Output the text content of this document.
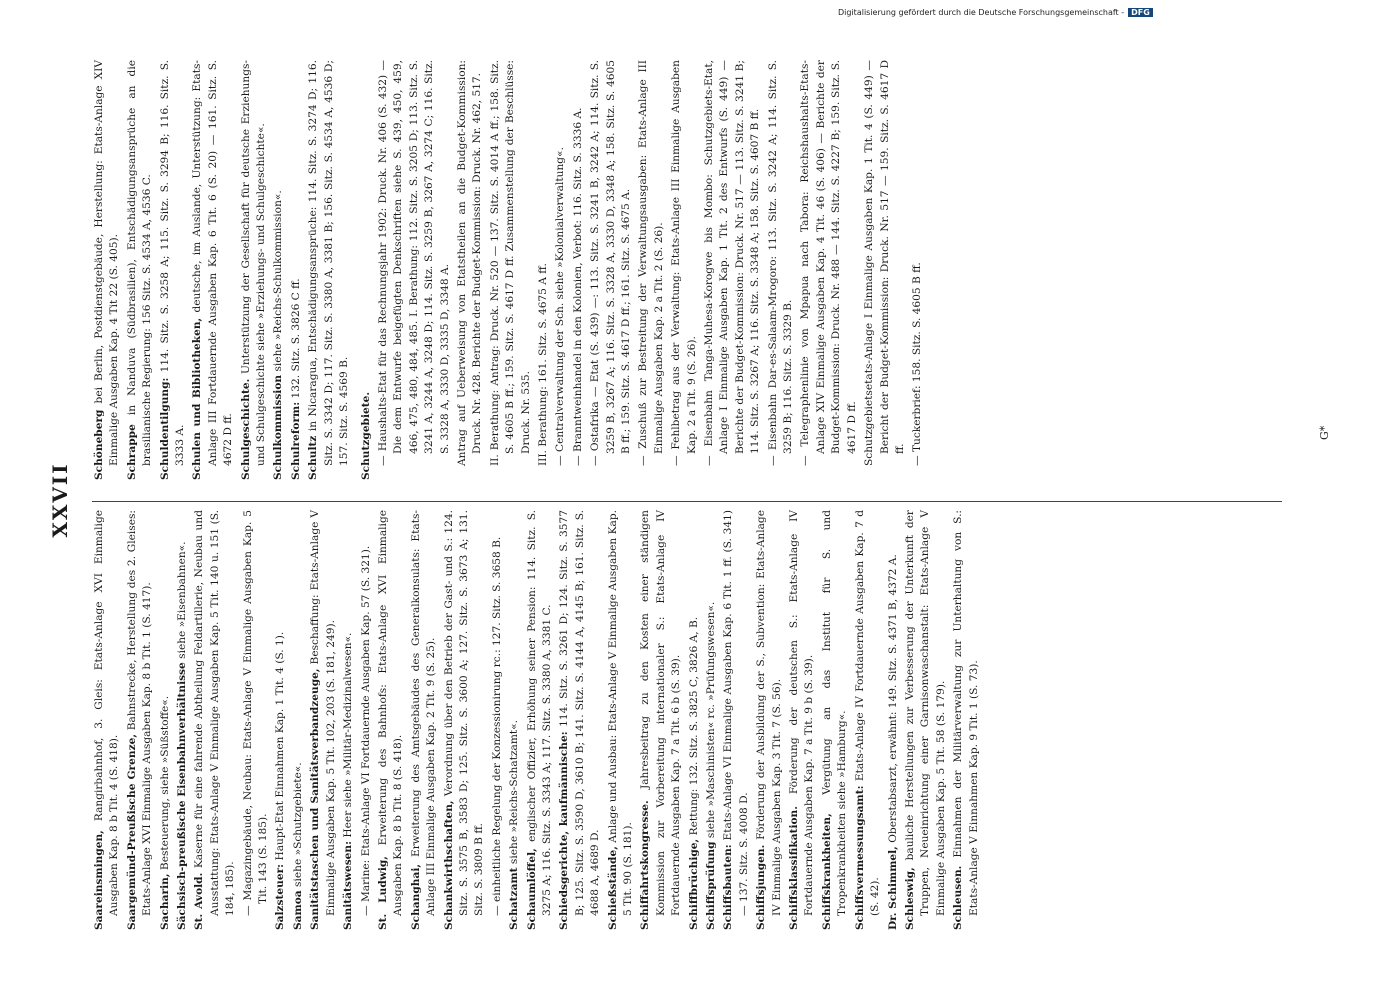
Digitalisierung gefördert durch die Deutsche Forschungsgemeinschaft - DFG
XXVII
Saareinsmingen, Rangirbahnhof, 3. Gleis: Etats-Anlage XVI Einmalige Ausgaben Kap. 8 b Tit. 4 (S. 418). Saargemünd-Preußische Grenze, Bahnstrecke, Herstellung des 2. Gleises: Etats-Anlage XVI Einmalige Ausgaben Kap. 8 b Tit. 1 (S. 417). Sacharin, Besteuerung, siehe »Süßstoffe«. Sächsisch-preußische Eisenbahnverhältnisse siehe »Eisenbahnen«.
St. Avold. Kaserne für eine fahrende Abtheilung Feldartillerie, Neubau und Ausstattung: Etats-Anlage V Einmalige Ausgaben Kap. 5 Tit. 140 u. 151 (S. 184, 185). — Magazingebäude, Neubau: Etats-Anlage V Einmalige Ausgaben Kap. 5 Tit. 143 (S. 185). Salzsteuer: Haupt-Etat Einnahmen Kap. 1 Tit. 4 (S. 1).
Samoa siehe »Schutzgebiete«. Sanitätstaschen und Sanitätsverbandzeuge, Beschaffung: Etats-Anlage V Einmalige Ausgaben Kap. 5 Tit. 102, 203 (S. 181, 249). Sanitätswesen: Heer siehe »Militär-Medizinalwesen«. — Marine: Etats-Anlage VI Fortdauernde Ausgaben Kap. 57 (S. 321). St. Ludwig, Erweiterung des Bahnhofs: Etats-Anlage XVI Einmalige Ausgaben Kap. 8 b Tit. 8 (S. 418). Schanghai, Erweiterung des Amtsgebäudes des Generalkonsulats: Etats-Anlage III Einmalige Ausgaben Kap. 2 Tit. 9 (S. 25). Schankwirthschaften, Verordnung über den Betrieb der Gast- und S.: 124. Sitz. S. 3575 B, 3583 D; 125. Sitz. S. 3600 A; 127. Sitz. S. 3673 A; 131. Sitz. S. 3809 B ff. — einheitliche Regelung der Konzessionirung rc.: 127. Sitz. S. 3658 B. Schatzamt siehe »Reichs-Schatzamt«.
Schaumlöffel, englischer Offizier, Erhöhung seiner Pension: 114. Sitz. S. 3275 A; 116. Sitz. S. 3343 A; 117. Sitz. S. 3380 A, 3381 C. Schiedsgerichte, kaufmännische: 114. Sitz. S. 3261 D; 124. Sitz. S. 3577 B; 125. Sitz. S. 3590 D, 3610 B; 141. Sitz. S. 4144 A, 4145 B; 161. Sitz. S. 4688 A, 4689 D. Schießstände, Anlage und Ausbau: Etats-Anlage V Einmalige Ausgaben Kap. 5 Tit. 90 (S. 181). Schiffahrtskongresse. Jahresbeitrag zu den Kosten einer ständigen Kommission zur Vorbereitung internationaler S.: Etats-Anlage IV Fortdauernde Ausgaben Kap. 7 a Tit. 6 b (S. 39). Schiffbrüchige, Rettung: 132. Sitz. S. 3825 C, 3826 A, B.
Schiffsprüfung siehe »Maschinisten« rc. »Prüfungswesen«.
Schiffsbauten: Etats-Anlage VI Einmalige Ausgaben Kap. 6 Tit. 1 ff. (S. 341) — 137. Sitz. S. 4008 D. Schiffsjungen. Förderung der Ausbildung der S., Subvention: Etats-Anlage IV Einmalige Ausgaben Kap. 3 Tit. 7 (S. 56). Schiffsklassifikation. Förderung der deutschen S.: Etats-Anlage IV Fortdauernde Ausgaben Kap. 7 a Tit. 9 b (S. 39). Schiffskrankheiten, Vergütung an das Institut für S. und Tropenkrankheiten siehe »Hamburg«. Schiffsvermessungsamt: Etats-Anlage IV Fortdauernde Ausgaben Kap. 7 d (S. 42). Dr. Schimmel, Oberstabsarzt, erwähnt: 149. Sitz. S. 4371 B, 4372 A.
Schleswig, bauliche Herstellungen zur Verbesserung der Unterkunft der Truppen, Neueinrichtung einer Garnisonwaschanstalt: Etats-Anlage V Einmalige Ausgaben Kap. 5 Tit. 58 (S. 179). Schleusen. Einnahmen der Militärverwaltung zur Unterhaltung von S.: Etats-Anlage V Einnahmen Kap. 9 Tit. 1 (S. 73).
Schöneberg bei Berlin, Postdienstgebäude, Herstellung: Etats-Anlage XIV Einmalige Ausgaben Kap. 4 Tit 22 (S. 405). Schrappe in Nanduva (Südbrasilien), Entschädigungsansprüche an die brasilianische Regierung: 156 Sitz. S. 4534 A, 4536 C. Schuldentilgung: 114. Sitz. S. 3258 A; 115. Sitz. S. 3294 B; 116. Sitz. S. 3333 A. Schulen und Bibliotheken, deutsche, im Auslande, Unterstützung: Etats-Anlage III Fortdauernde Ausgaben Kap. 6 Tit. 6 (S. 20) — 161. Sitz. S. 4672 D ff. Schulgeschichte. Unterstützung der Gesellschaft für deutsche Erziehungs- und Schulgeschichte siehe »Erziehungs- und Schulgeschichte«. Schulkommission siehe »Reichs-Schulkommission«.
Schulreform: 132. Sitz. S. 3826 C ff.
Schultz in Nicaragua, Entschädigungsansprüche: 114. Sitz. S. 3274 D; 116. Sitz. S. 3342 D; 117. Sitz. S. 3380 A, 3381 B; 156. Sitz. S. 4534 A, 4536 D; 157. Sitz. S. 4569 B. Schutzgebiete. — Haushalts-Etat für das Rechnungsjahr 1902: Druck. Nr. 406 (S. 432) — Die dem Entwurfe beigefügten Denkschriften siehe S. 439, 450, 459, 466, 475, 480, 484, 485. I. Berathung: 112. Sitz. S. 3205 D; 113. Sitz. S. 3241 A, 3244 A, 3248 D; 114. Sitz. S. 3259 B, 3267 A, 3274 C; 116. Sitz. S. 3328 A, 3330 D, 3335 D, 3348 A. Antrag auf Ueberweisung von Etatstheilen an die Budget-Kommission: Druck. Nr. 428. Berichte der Budget-Kommission: Druck. Nr. 462, 517. II. Berathung: Antrag: Druck. Nr. 520 — 137. Sitz. S. 4014 A ff.; 158. Sitz. S. 4605 B ff.; 159. Sitz. S. 4617 D ff. Zusammenstellung der Beschlüsse: Druck. Nr. 535. III. Berathung: 161. Sitz. S. 4675 A ff. — Centralverwaltung der Sch. siehe »Kolonialverwaltung«. — Branntweinhandel in den Kolonien, Verbot: 116. Sitz. S. 3336 A. — Ostafrika — Etat (S. 439) —: 113. Sitz. S. 3241 B, 3242 A; 114. Sitz. S. 3259 B, 3267 A; 116. Sitz. S. 3328 A, 3330 D, 3348 A; 158. Sitz. S. 4605 B ff.; 159. Sitz. S. 4617 D ff.; 161. Sitz. S. 4675 A. — Zuschuß zur Bestreitung der Verwaltungsausgaben: Etats-Anlage III Einmalige Ausgaben Kap. 2 a Tit. 2 (S. 26). — Fehlbetrag aus der Verwaltung: Etats-Anlage III Einmalige Ausgaben Kap. 2 a Tit. 9 (S. 26). — Eisenbahn Tanga-Muhesa-Korogwe bis Mombo: Schutzgebiets-Etat, Anlage I Einmalige Ausgaben Kap. 1 Tit. 2 des Entwurfs (S. 449) — Berichte der Budget-Kommission: Druck. Nr. 517 — 113. Sitz. S. 3241 B; 114. Sitz. S. 3267 A; 116. Sitz. S. 3348 A; 158. Sitz. S. 4607 B ff. — Eisenbahn Dar-es-Salaam-Mrogoro: 113. Sitz. S. 3242 A; 114. Sitz. S. 3259 B; 116. Sitz. S. 3329 B. — Telegraphenlinie von Mpapua nach Tabora: Reichshaushalts-Etats-Anlage XIV Einmalige Ausgaben Kap. 4 Tit. 46 (S. 406) — Berichte der Budget-Kommission: Druck. Nr. 488 — 144. Sitz. S. 4227 B; 159. Sitz. S. 4617 D ff. Schutzgebietsetats-Anlage I Einmalige Ausgaben Kap. 1 Tit. 4 (S. 449) — Bericht der Budget-Kommission: Druck. Nr. 517 — 159. Sitz. S. 4617 D ff. — Tuckerbrief: 158. Sitz. S. 4605 B ff.	G*
